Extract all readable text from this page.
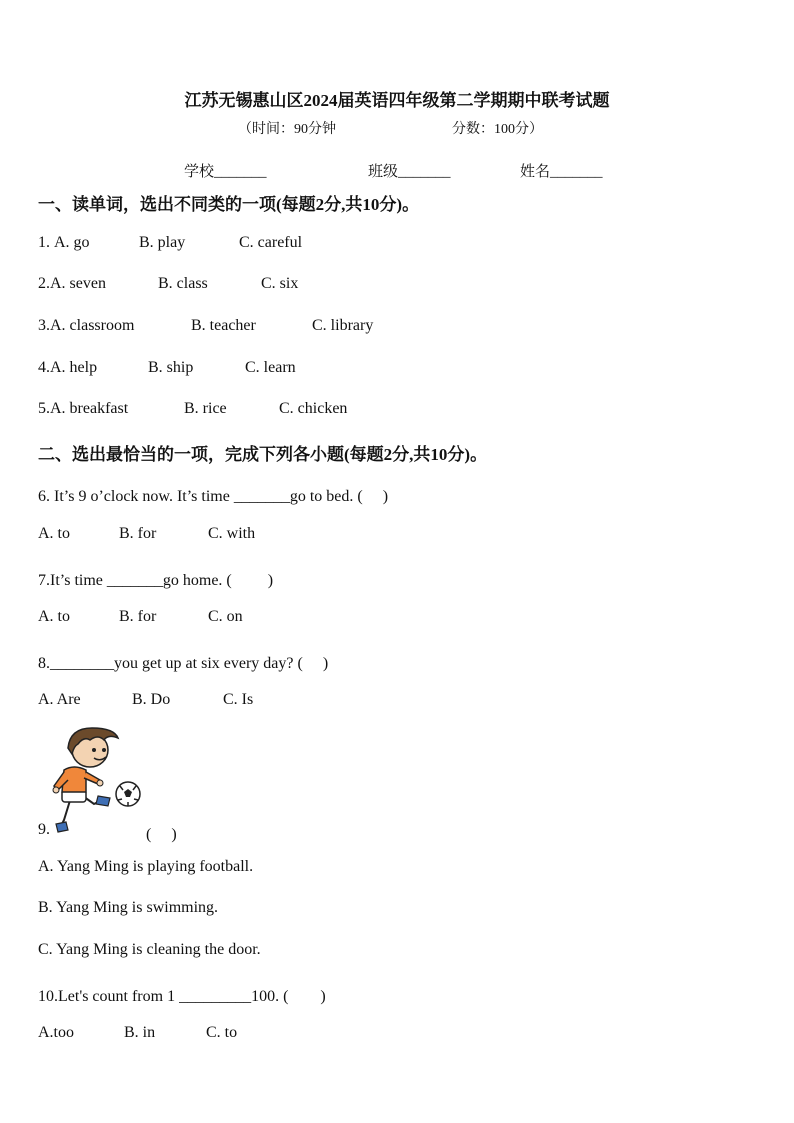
江苏无锡惠山区2024届英语四年级第二学期期中联考试题
（时间：90分钟	分数：100分）
学校_______	班级_______	姓名_______
一、读单词，选出不同类的一项(每题2分,共10分)。
1. A. go	B. play	C. careful
2.A. seven	B. class	C. six
3.A. classroom	B. teacher	C. library
4.A. help	B. ship	C. learn
5.A. breakfast	B. rice	C. chicken
二、选出最恰当的一项，完成下列各小题(每题2分,共10分)。
6. It’s 9 o’clock now. It’s time _______go to bed. (　 )
A. to	B. for	C. with
7.It’s time _______go home. (　　 )
A. to	B. for	C. on
8.________you get up at six every day? (　 )
A. Are	B. Do	C. Is
9.	(　 )
A. Yang Ming is playing football.
B. Yang Ming is swimming.
C. Yang Ming is cleaning the door.
10.Let's count from 1 _________100. (　　)
A.too	B. in	C. to
